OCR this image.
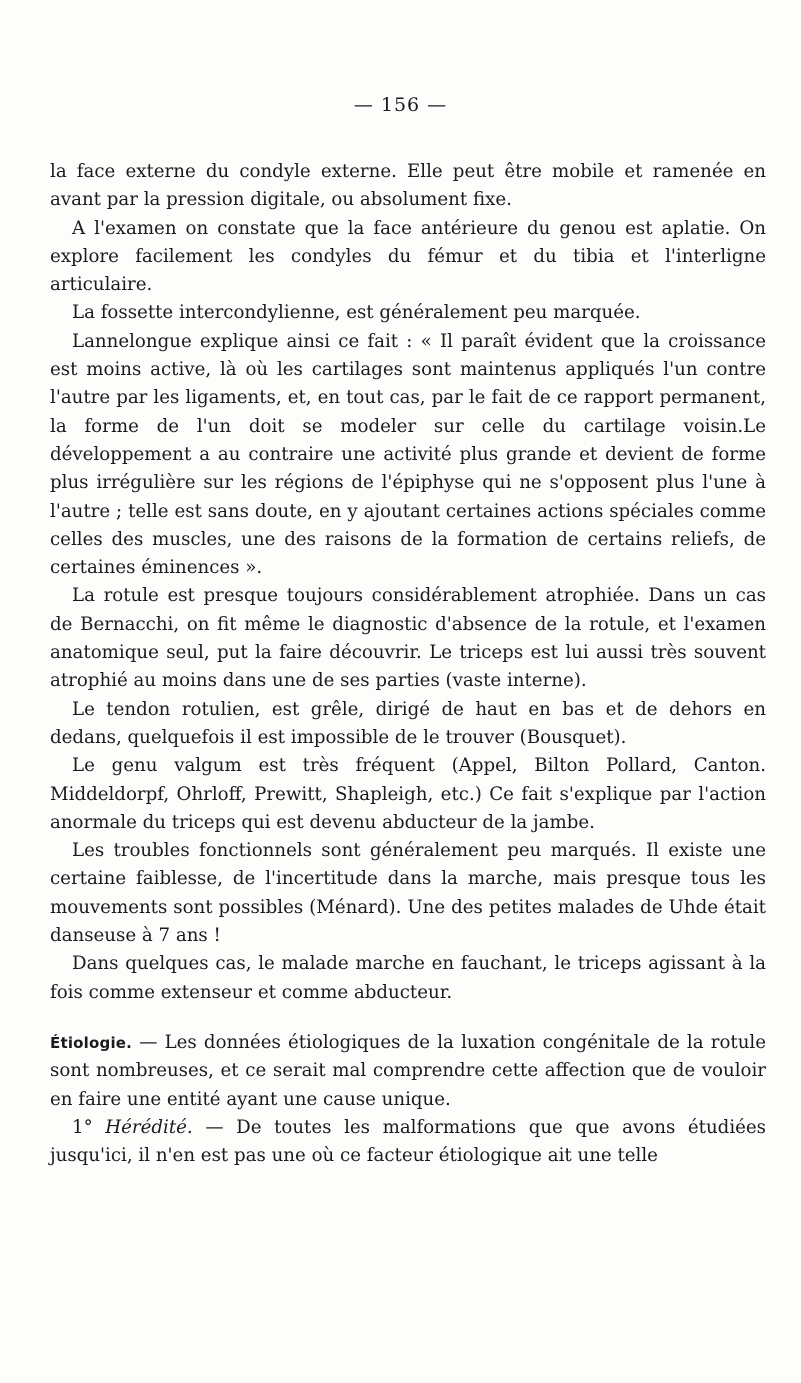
— 156 —

la face externe du condyle externe. Elle peut être mobile et ramenée en avant par la pression digitale, ou absolument fixe.

A l'examen on constate que la face antérieure du genou est aplatie. On explore facilement les condyles du fémur et du tibia et l'interligne articulaire.

La fossette intercondylienne, est généralement peu marquée.

Lannelongue explique ainsi ce fait : « Il paraît évident que la croissance est moins active, là où les cartilages sont maintenus appliqués l'un contre l'autre par les ligaments, et, en tout cas, par le fait de ce rapport permanent, la forme de l'un doit se modeler sur celle du cartilage voisin.Le développement a au contraire une activité plus grande et devient de forme plus irrégulière sur les régions de l'épiphyse qui ne s'opposent plus l'une à l'autre ; telle est sans doute, en y ajoutant certaines actions spéciales comme celles des muscles, une des raisons de la formation de certains reliefs, de certaines éminences ».

La rotule est presque toujours considérablement atrophiée. Dans un cas de Bernacchi, on fit même le diagnostic d'absence de la rotule, et l'examen anatomique seul, put la faire découvrir. Le triceps est lui aussi très souvent atrophié au moins dans une de ses parties (vaste interne).

Le tendon rotulien, est grêle, dirigé de haut en bas et de dehors en dedans, quelquefois il est impossible de le trouver (Bousquet).

Le genu valgum est très fréquent (Appel, Bilton Pollard, Canton. Middeldorpf, Ohrloff, Prewitt, Shapleigh, etc.) Ce fait s'explique par l'action anormale du triceps qui est devenu abducteur de la jambe.

Les troubles fonctionnels sont généralement peu marqués. Il existe une certaine faiblesse, de l'incertitude dans la marche, mais presque tous les mouvements sont possibles (Ménard). Une des petites malades de Uhde était danseuse à 7 ans !

Dans quelques cas, le malade marche en fauchant, le triceps agissant à la fois comme extenseur et comme abducteur.

Étiologie. — Les données étiologiques de la luxation congénitale de la rotule sont nombreuses, et ce serait mal comprendre cette affection que de vouloir en faire une entité ayant une cause unique.

1° Hérédité. — De toutes les malformations que que avons étudiées jusqu'ici, il n'en est pas une où ce facteur étiologique ait une telle
